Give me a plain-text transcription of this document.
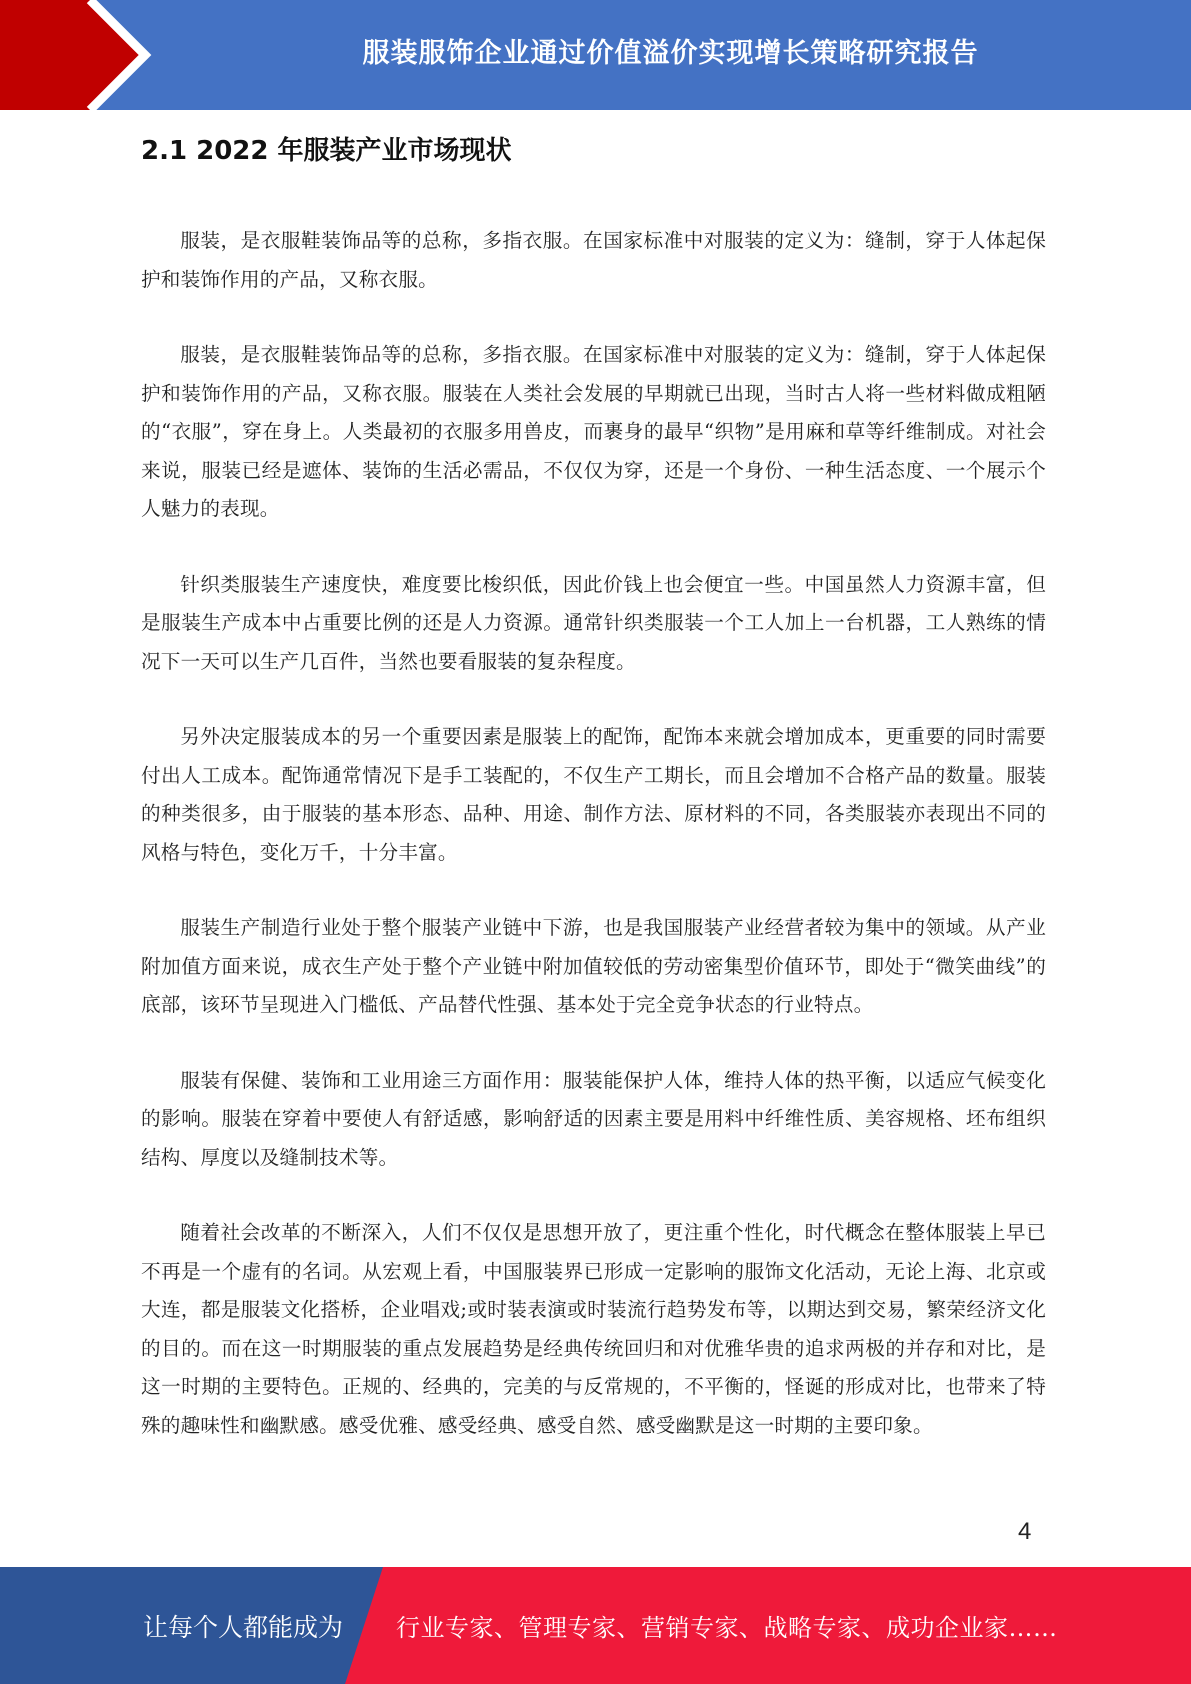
服装服饰企业通过价值溢价实现增长策略研究报告
2.1 2022 年服装产业市场现状

服装，是衣服鞋装饰品等的总称，多指衣服。在国家标准中对服装的定义为：缝制，穿于人体起保护和装饰作用的产品，又称衣服。

服装，是衣服鞋装饰品等的总称，多指衣服。在国家标准中对服装的定义为：缝制，穿于人体起保护和装饰作用的产品，又称衣服。服装在人类社会发展的早期就已出现，当时古人将一些材料做成粗陋的“衣服”，穿在身上。人类最初的衣服多用兽皮，而裹身的最早“织物”是用麻和草等纤维制成。对社会来说，服装已经是遮体、装饰的生活必需品，不仅仅为穿，还是一个身份、一种生活态度、一个展示个人魅力的表现。

针织类服装生产速度快，难度要比梭织低，因此价钱上也会便宜一些。中国虽然人力资源丰富，但是服装生产成本中占重要比例的还是人力资源。通常针织类服装一个工人加上一台机器，工人熟练的情况下一天可以生产几百件，当然也要看服装的复杂程度。

另外决定服装成本的另一个重要因素是服装上的配饰，配饰本来就会增加成本，更重要的同时需要付出人工成本。配饰通常情况下是手工装配的，不仅生产工期长，而且会增加不合格产品的数量。服装的种类很多，由于服装的基本形态、品种、用途、制作方法、原材料的不同，各类服装亦表现出不同的风格与特色，变化万千，十分丰富。

服装生产制造行业处于整个服装产业链中下游，也是我国服装产业经营者较为集中的领域。从产业附加值方面来说，成衣生产处于整个产业链中附加值较低的劳动密集型价值环节，即处于“微笑曲线”的底部，该环节呈现进入门槛低、产品替代性强、基本处于完全竞争状态的行业特点。

服装有保健、装饰和工业用途三方面作用：服装能保护人体，维持人体的热平衡，以适应气候变化的影响。服装在穿着中要使人有舒适感，影响舒适的因素主要是用料中纤维性质、美容规格、坯布组织结构、厚度以及缝制技术等。

随着社会改革的不断深入，人们不仅仅是思想开放了，更注重个性化，时代概念在整体服装上早已不再是一个虚有的名词。从宏观上看，中国服装界已形成一定影响的服饰文化活动，无论上海、北京或大连，都是服装文化搭桥，企业唱戏;或时装表演或时装流行趋势发布等，以期达到交易，繁荣经济文化的目的。而在这一时期服装的重点发展趋势是经典传统回归和对优雅华贵的追求两极的并存和对比，是这一时期的主要特色。正规的、经典的，完美的与反常规的，不平衡的，怪诞的形成对比，也带来了特殊的趣味性和幽默感。感受优雅、感受经典、感受自然、感受幽默是这一时期的主要印象。

4
让每个人都能成为 行业专家、管理专家、营销专家、战略专家、成功企业家……
